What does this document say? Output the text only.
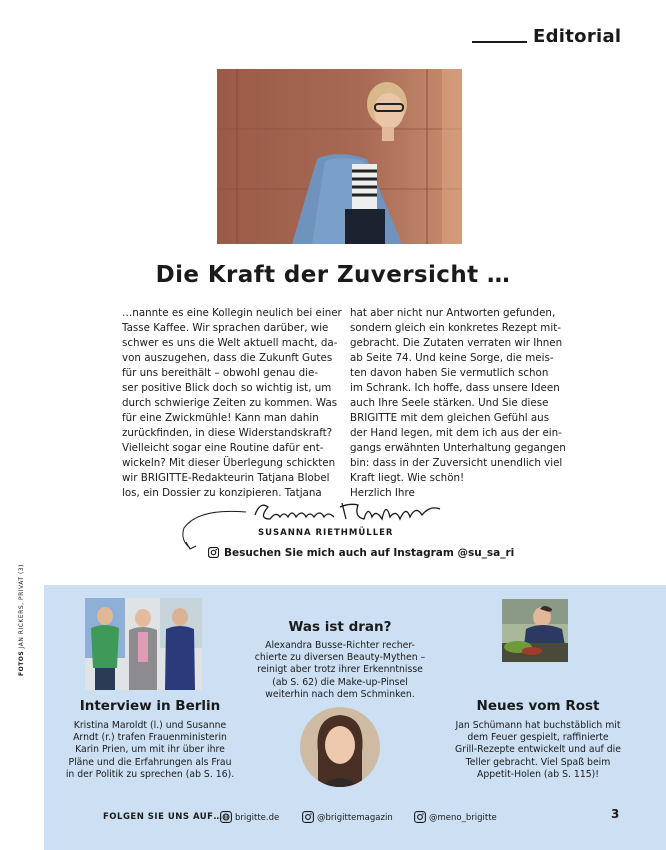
Editorial
Die Kraft der Zuversicht …

…nannte es eine Kollegin neulich bei einer

Tasse Kaffee. Wir sprachen darüber, wie

schwer es uns die Welt aktuell macht, da-

von auszugehen, dass die Zukunft Gutes

für uns bereithält – obwohl genau die-

ser positive Blick doch so wichtig ist, um

durch schwierige Zeiten zu kommen. Was

für eine Zwickmühle! Kann man dahin

zurückfinden, in diese Widerstandskraft?

Vielleicht sogar eine Routine dafür ent-

wickeln? Mit dieser Überlegung schickten

wir BRIGITTE-Redakteurin Tatjana Blobel

los, ein Dossier zu konzipieren. Tatjana

hat aber nicht nur Antworten gefunden,

sondern gleich ein konkretes Rezept mit-

gebracht. Die Zutaten verraten wir Ihnen

ab Seite 74. Und keine Sorge, die meis-

ten davon haben Sie vermutlich schon

im Schrank. Ich hoffe, dass unsere Ideen

auch Ihre Seele stärken. Und Sie diese

BRIGITTE mit dem gleichen Gefühl aus

der Hand legen, mit dem ich aus der ein-

gangs erwähnten Unterhaltung gegangen

bin: dass in der Zuversicht unendlich viel

Kraft liegt. Wie schön!

Herzlich Ihre

SUSANNA RIETHMÜLLER
Besuchen Sie mich auch auf Instagram @su_sa_ri
FOTOS JAN RICKERS, PRIVAT (3)
Interview in Berlin

Kristina Maroldt (l.) und Susanne

Arndt (r.) trafen Frauenministerin

Karin Prien, um mit ihr über ihre

Pläne und die Erfahrungen als Frau

in der Politik zu sprechen (ab S. 16).

Was ist dran?

Alexandra Busse-Richter recher-

chierte zu diversen Beauty-Mythen –

reinigt aber trotz ihrer Erkenntnisse

(ab S. 62) die Make-up-Pinsel

weiterhin nach dem Schminken.

Neues vom Rost

Jan Schümann hat buchstäblich mit

dem Feuer gespielt, raffinierte

Grill-Rezepte entwickelt und auf die

Teller gebracht. Viel Spaß beim

Appetit-Holen (ab S. 115)!

FOLGEN SIE UNS AUF…	brigitte.de	@brigittemagazin	@meno_brigitte	3
